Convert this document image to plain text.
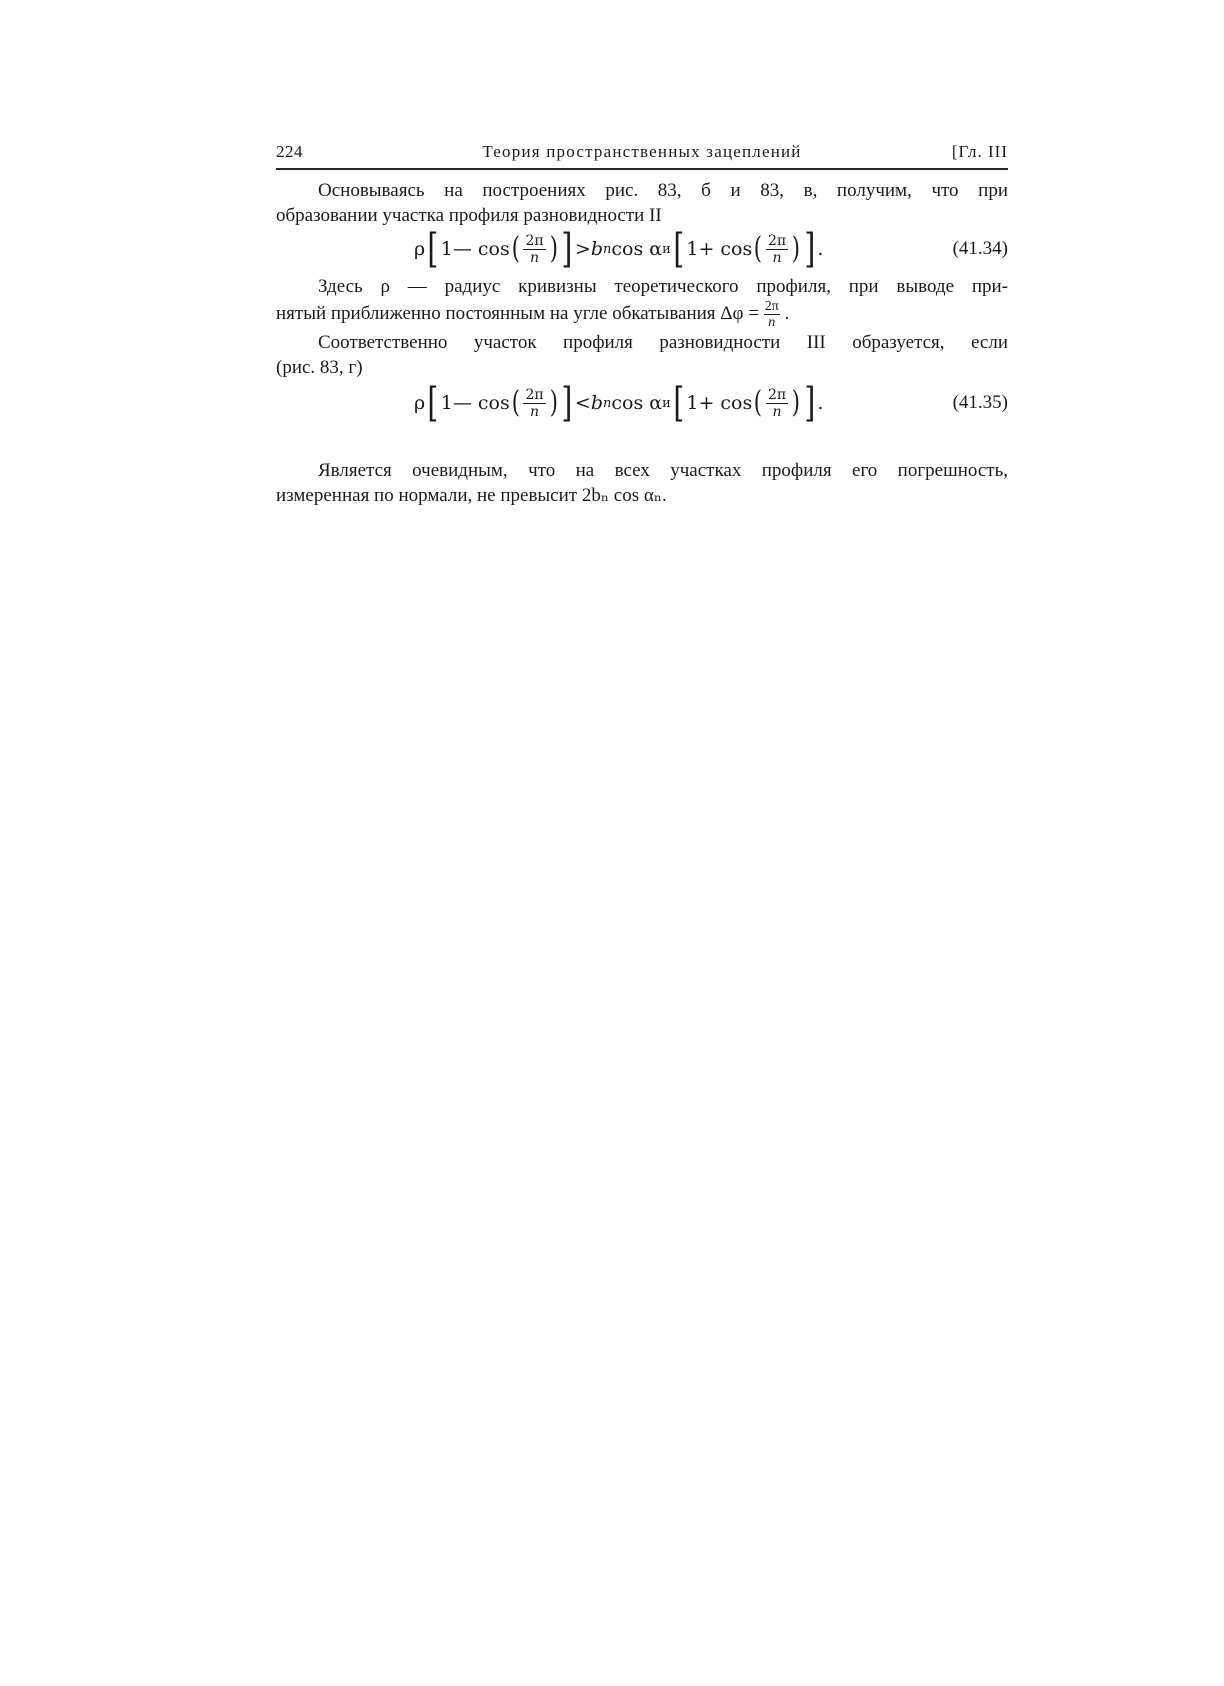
224	Теория пространственных зацеплений	[Гл. III
Основываясь на построениях рис. 83, б и 83, в, получим, что при
образовании участка профиля разновидности II
ρ [ 1 — cos ( $\frac{2\pi}{n}$ ) ] > b n cos α и [ 1 + cos ( $\frac{2\pi}{n}$ ) ] .	(41.34)
Здесь ρ — радиус кривизны теоретического профиля, при выводе при-
нятый приближенно постоянным на угле обкатывания $\Delta\varphi = \frac{2\pi}{n}$ .
Соответственно участок профиля разновидности III образуется, если
(рис. 83, г)
ρ [ 1 — cos ( $\frac{2\pi}{n}$ ) ] < b n cos α и [ 1 + cos ( $\frac{2\pi}{n}$ ) ] .	(41.35)
Является очевидным, что на всех участках профиля его погрешность,
измеренная по нормали, не превысит 2bₙ cos αₙ.
